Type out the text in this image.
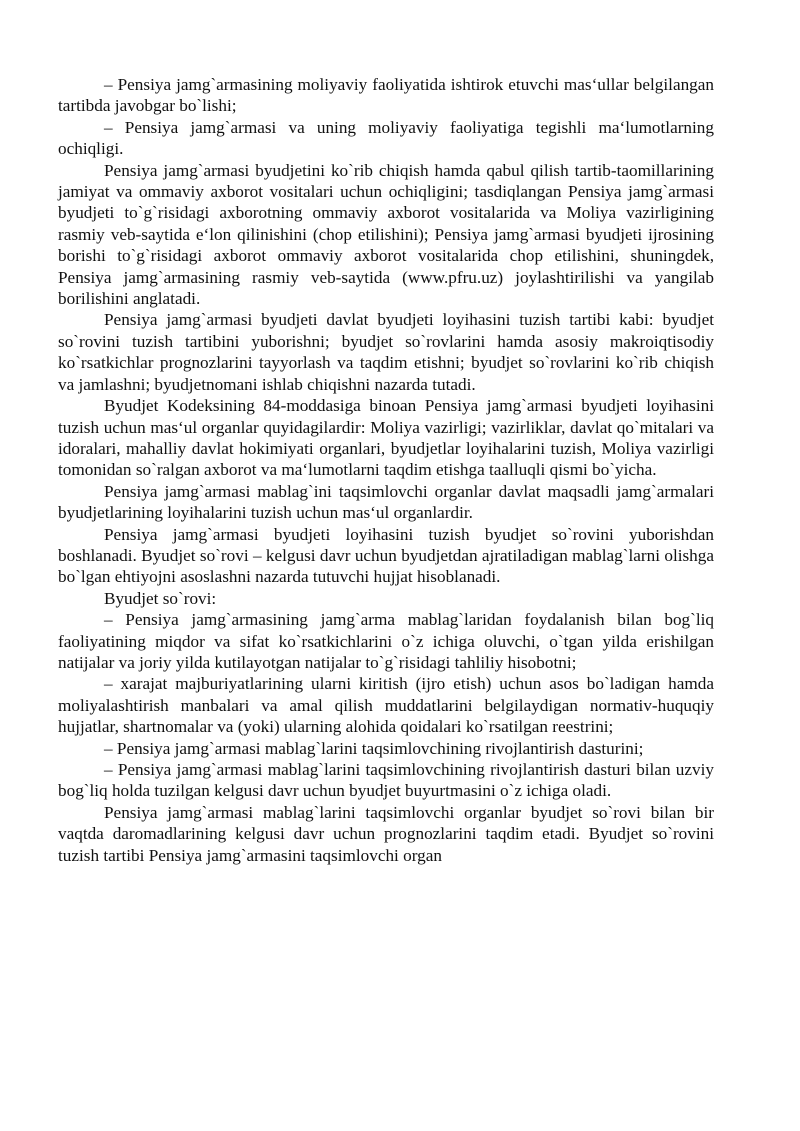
– Pensiya jamg`armasining moliyaviy faoliyatida ishtirok etuvchi mas‘ullar belgilangan tartibda javobgar bo`lishi;

– Pensiya jamg`armasi va uning moliyaviy faoliyatiga tegishli ma‘lumotlarning ochiqligi.

Pensiya jamg`armasi byudjetini ko`rib chiqish hamda qabul qilish tartib-taomillarining jamiyat va ommaviy axborot vositalari uchun ochiqligini; tasdiqlangan Pensiya jamg`armasi byudjeti to`g`risidagi axborotning ommaviy axborot vositalarida va Moliya vazirligining rasmiy veb-saytida e‘lon qilinishini (chop etilishini); Pensiya jamg`armasi byudjeti ijrosining borishi to`g`risidagi axborot ommaviy axborot vositalarida chop etilishini, shuningdek, Pensiya jamg`armasining rasmiy veb-saytida (www.pfru.uz) joylashtirilishi va yangilab borilishini anglatadi.

Pensiya jamg`armasi byudjeti davlat byudjeti loyihasini tuzish tartibi kabi: byudjet so`rovini tuzish tartibini yuborishni; byudjet so`rovlarini hamda asosiy makroiqtisodiy ko`rsatkichlar prognozlarini tayyorlash va taqdim etishni; byudjet so`rovlarini ko`rib chiqish va jamlashni; byudjetnomani ishlab chiqishni nazarda tutadi.

Byudjet Kodeksining 84-moddasiga binoan Pensiya jamg`armasi byudjeti loyihasini tuzish uchun mas‘ul organlar quyidagilardir: Moliya vazirligi; vazirliklar, davlat qo`mitalari va idoralari, mahalliy davlat hokimiyati organlari, byudjetlar loyihalarini tuzish, Moliya vazirligi tomonidan so`ralgan axborot va ma‘lumotlarni taqdim etishga taalluqli qismi bo`yicha.

Pensiya jamg`armasi mablag`ini taqsimlovchi organlar davlat maqsadli jamg`armalari byudjetlarining loyihalarini tuzish uchun mas‘ul organlardir.

Pensiya jamg`armasi byudjeti loyihasini tuzish byudjet so`rovini yuborishdan boshlanadi. Byudjet so`rovi – kelgusi davr uchun byudjetdan ajratiladigan mablag`larni olishga bo`lgan ehtiyojni asoslashni nazarda tutuvchi hujjat hisoblanadi.

Byudjet so`rovi:

– Pensiya jamg`armasining jamg`arma mablag`laridan foydalanish bilan bog`liq faoliyatining miqdor va sifat ko`rsatkichlarini o`z ichiga oluvchi, o`tgan yilda erishilgan natijalar va joriy yilda kutilayotgan natijalar to`g`risidagi tahliliy hisobotni;

– xarajat majburiyatlarining ularni kiritish (ijro etish) uchun asos bo`ladigan hamda moliyalashtirish manbalari va amal qilish muddatlarini belgilaydigan normativ-huquqiy hujjatlar, shartnomalar va (yoki) ularning alohida qoidalari ko`rsatilgan reestrini;

– Pensiya jamg`armasi mablag`larini taqsimlovchining rivojlantirish dasturini;

– Pensiya jamg`armasi mablag`larini taqsimlovchining rivojlantirish dasturi bilan uzviy bog`liq holda tuzilgan kelgusi davr uchun byudjet buyurtmasini o`z ichiga oladi.

Pensiya jamg`armasi mablag`larini taqsimlovchi organlar byudjet so`rovi bilan bir vaqtda daromadlarining kelgusi davr uchun prognozlarini taqdim etadi. Byudjet so`rovini tuzish tartibi Pensiya jamg`armasini taqsimlovchi organ
